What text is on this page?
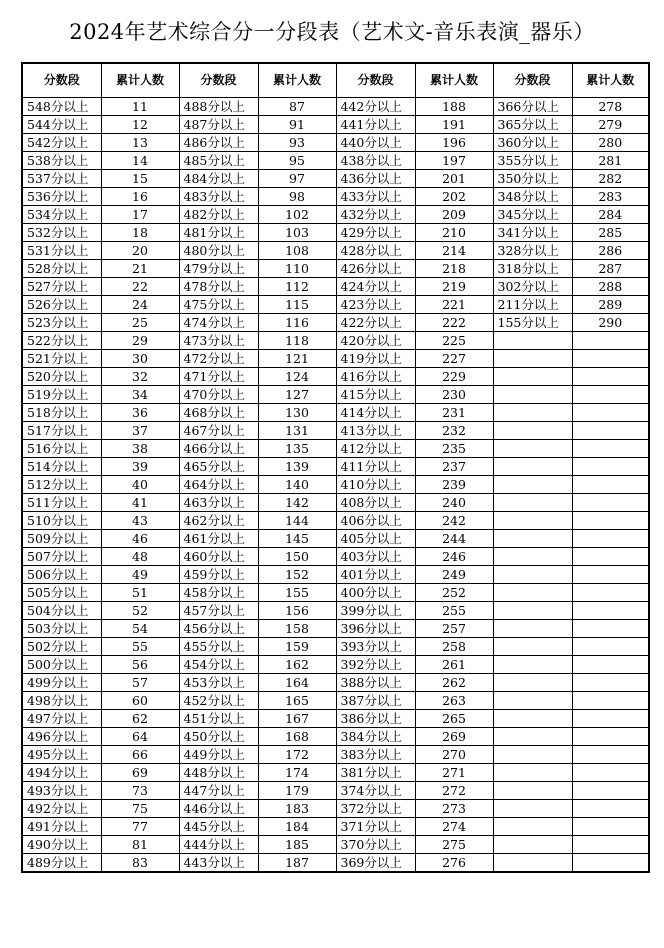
2024年艺术综合分一分段表（艺术文-音乐表演_器乐）
分数段	累计人数	分数段	累计人数	分数段	累计人数	分数段	累计人数
548分以上	11	488分以上	87	442分以上	188	366分以上	278
544分以上	12	487分以上	91	441分以上	191	365分以上	279
542分以上	13	486分以上	93	440分以上	196	360分以上	280
538分以上	14	485分以上	95	438分以上	197	355分以上	281
537分以上	15	484分以上	97	436分以上	201	350分以上	282
536分以上	16	483分以上	98	433分以上	202	348分以上	283
534分以上	17	482分以上	102	432分以上	209	345分以上	284
532分以上	18	481分以上	103	429分以上	210	341分以上	285
531分以上	20	480分以上	108	428分以上	214	328分以上	286
528分以上	21	479分以上	110	426分以上	218	318分以上	287
527分以上	22	478分以上	112	424分以上	219	302分以上	288
526分以上	24	475分以上	115	423分以上	221	211分以上	289
523分以上	25	474分以上	116	422分以上	222	155分以上	290
522分以上	29	473分以上	118	420分以上	225		
521分以上	30	472分以上	121	419分以上	227		
520分以上	32	471分以上	124	416分以上	229		
519分以上	34	470分以上	127	415分以上	230		
518分以上	36	468分以上	130	414分以上	231		
517分以上	37	467分以上	131	413分以上	232		
516分以上	38	466分以上	135	412分以上	235		
514分以上	39	465分以上	139	411分以上	237		
512分以上	40	464分以上	140	410分以上	239		
511分以上	41	463分以上	142	408分以上	240		
510分以上	43	462分以上	144	406分以上	242		
509分以上	46	461分以上	145	405分以上	244		
507分以上	48	460分以上	150	403分以上	246		
506分以上	49	459分以上	152	401分以上	249		
505分以上	51	458分以上	155	400分以上	252		
504分以上	52	457分以上	156	399分以上	255		
503分以上	54	456分以上	158	396分以上	257		
502分以上	55	455分以上	159	393分以上	258		
500分以上	56	454分以上	162	392分以上	261		
499分以上	57	453分以上	164	388分以上	262		
498分以上	60	452分以上	165	387分以上	263		
497分以上	62	451分以上	167	386分以上	265		
496分以上	64	450分以上	168	384分以上	269		
495分以上	66	449分以上	172	383分以上	270		
494分以上	69	448分以上	174	381分以上	271		
493分以上	73	447分以上	179	374分以上	272		
492分以上	75	446分以上	183	372分以上	273		
491分以上	77	445分以上	184	371分以上	274		
490分以上	81	444分以上	185	370分以上	275		
489分以上	83	443分以上	187	369分以上	276		
